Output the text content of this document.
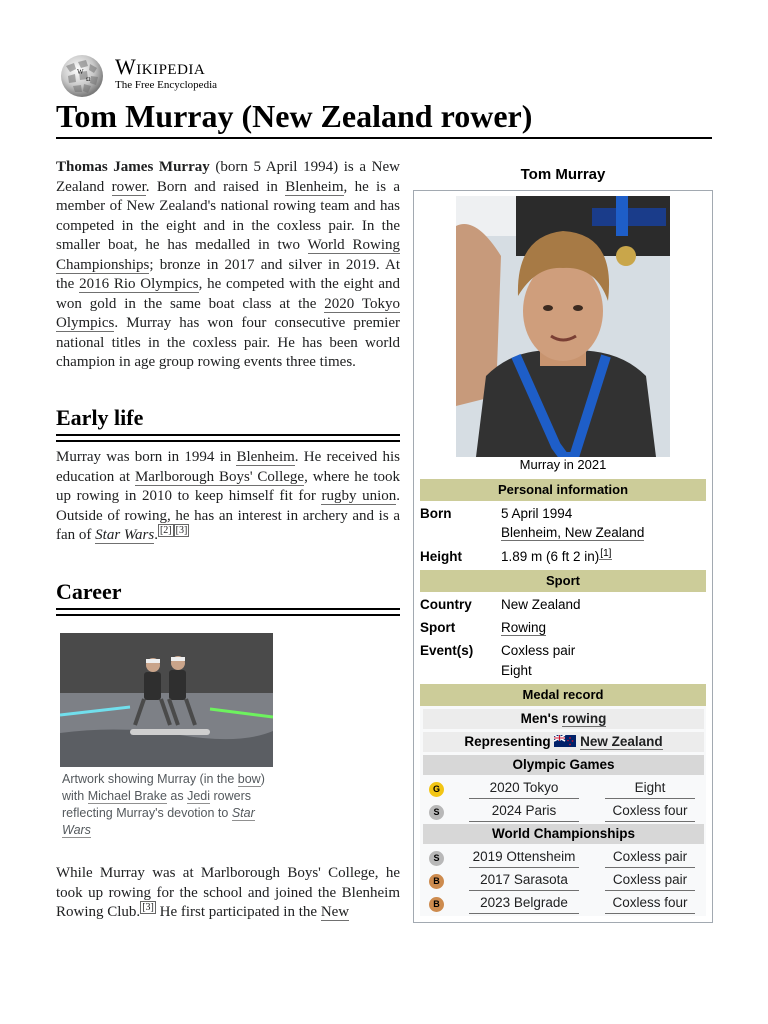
W
Ω
Wikipedia
The Free Encyclopedia
Tom Murray (New Zealand rower)

Thomas James Murray (born 5 April 1994) is a New Zealand rower. Born and raised in Blenheim, he is a member of New Zealand's national rowing team and has competed in the eight and in the coxless pair. In the smaller boat, he has medalled in two World Rowing Championships; bronze in 2017 and silver in 2019. At the 2016 Rio Olympics, he competed with the eight and won gold in the same boat class at the 2020 Tokyo Olympics. Murray has won four consecutive premier national titles in the coxless pair. He has been world champion in age group rowing events three times.

Early life

Murray was born in 1994 in Blenheim. He received his education at Marlborough Boys' College, where he took up rowing in 2010 to keep himself fit for rugby union. Outside of rowing, he has an interest in archery and is a fan of Star Wars. [2] [3]

Career

Artwork showing Murray (in the bow) with Michael Brake as Jedi rowers reflecting Murray's devotion to Star Wars

While Murray was at Marlborough Boys' College, he took up rowing for the school and joined the Blenheim Rowing Club. [3] He first participated in the New

Tom Murray
Murray in 2021
Personal information
Born	5 April 1994
Blenheim, New Zealand
Height	1.89 m (6 ft 2 in)[1]
Sport
Country New Zealand
Sport	Rowing
Event(s) Coxless pair
Eight
Medal record
Men's rowing
Representing  New Zealand
Olympic Games
G	2020 Tokyo	Eight
S	2024 Paris	Coxless four
World Championships
S	2019 Ottensheim	Coxless pair
B	2017 Sarasota	Coxless pair
B	2023 Belgrade	Coxless four
